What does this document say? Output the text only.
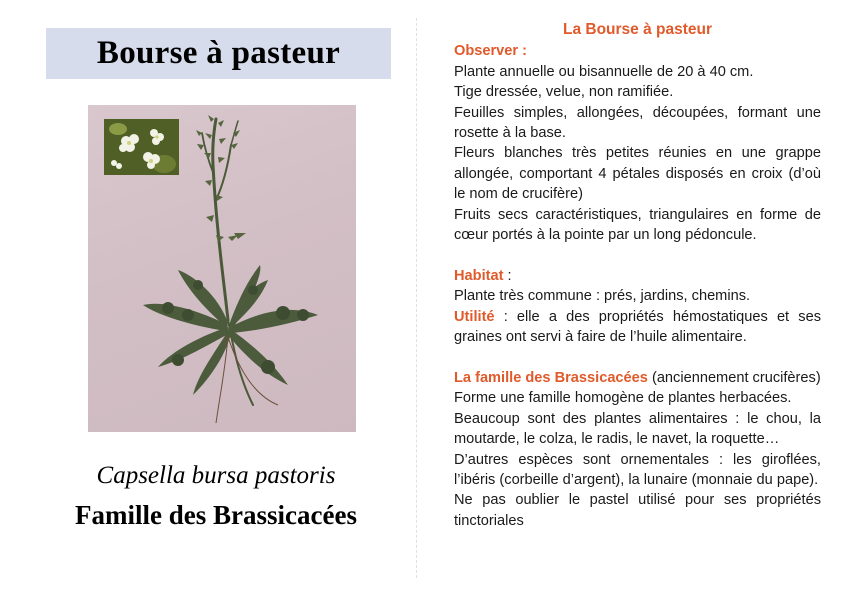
Bourse à pasteur
Capsella bursa pastoris
Famille des Brassicacées
La Bourse à pasteur
Observer :

Plante annuelle ou bisannuelle de 20 à 40 cm.

Tige dressée, velue, non ramifiée.

Feuilles simples, allongées, découpées, formant une rosette à la base.

Fleurs blanches très petites réunies en une grappe allongée, comportant 4 pétales disposés en croix (d’où le nom de crucifère)

Fruits secs caractéristiques, triangulaires en forme de cœur portés à la pointe par un long pédoncule.

Habitat :

Plante très commune : prés, jardins, chemins.

Utilité : elle a des propriétés hémostatiques et ses graines ont servi à faire de l’huile alimentaire.

La famille des Brassicacées (anciennement crucifères)

Forme une famille homogène de plantes herbacées.

Beaucoup sont des plantes alimentaires : le chou, la moutarde, le colza, le radis, le navet, la roquette…

D’autres espèces sont ornementales : les giroflées, l’ibéris (corbeille d’argent), la lunaire (monnaie du pape).

Ne pas oublier le pastel utilisé pour ses propriétés tinctoriales
